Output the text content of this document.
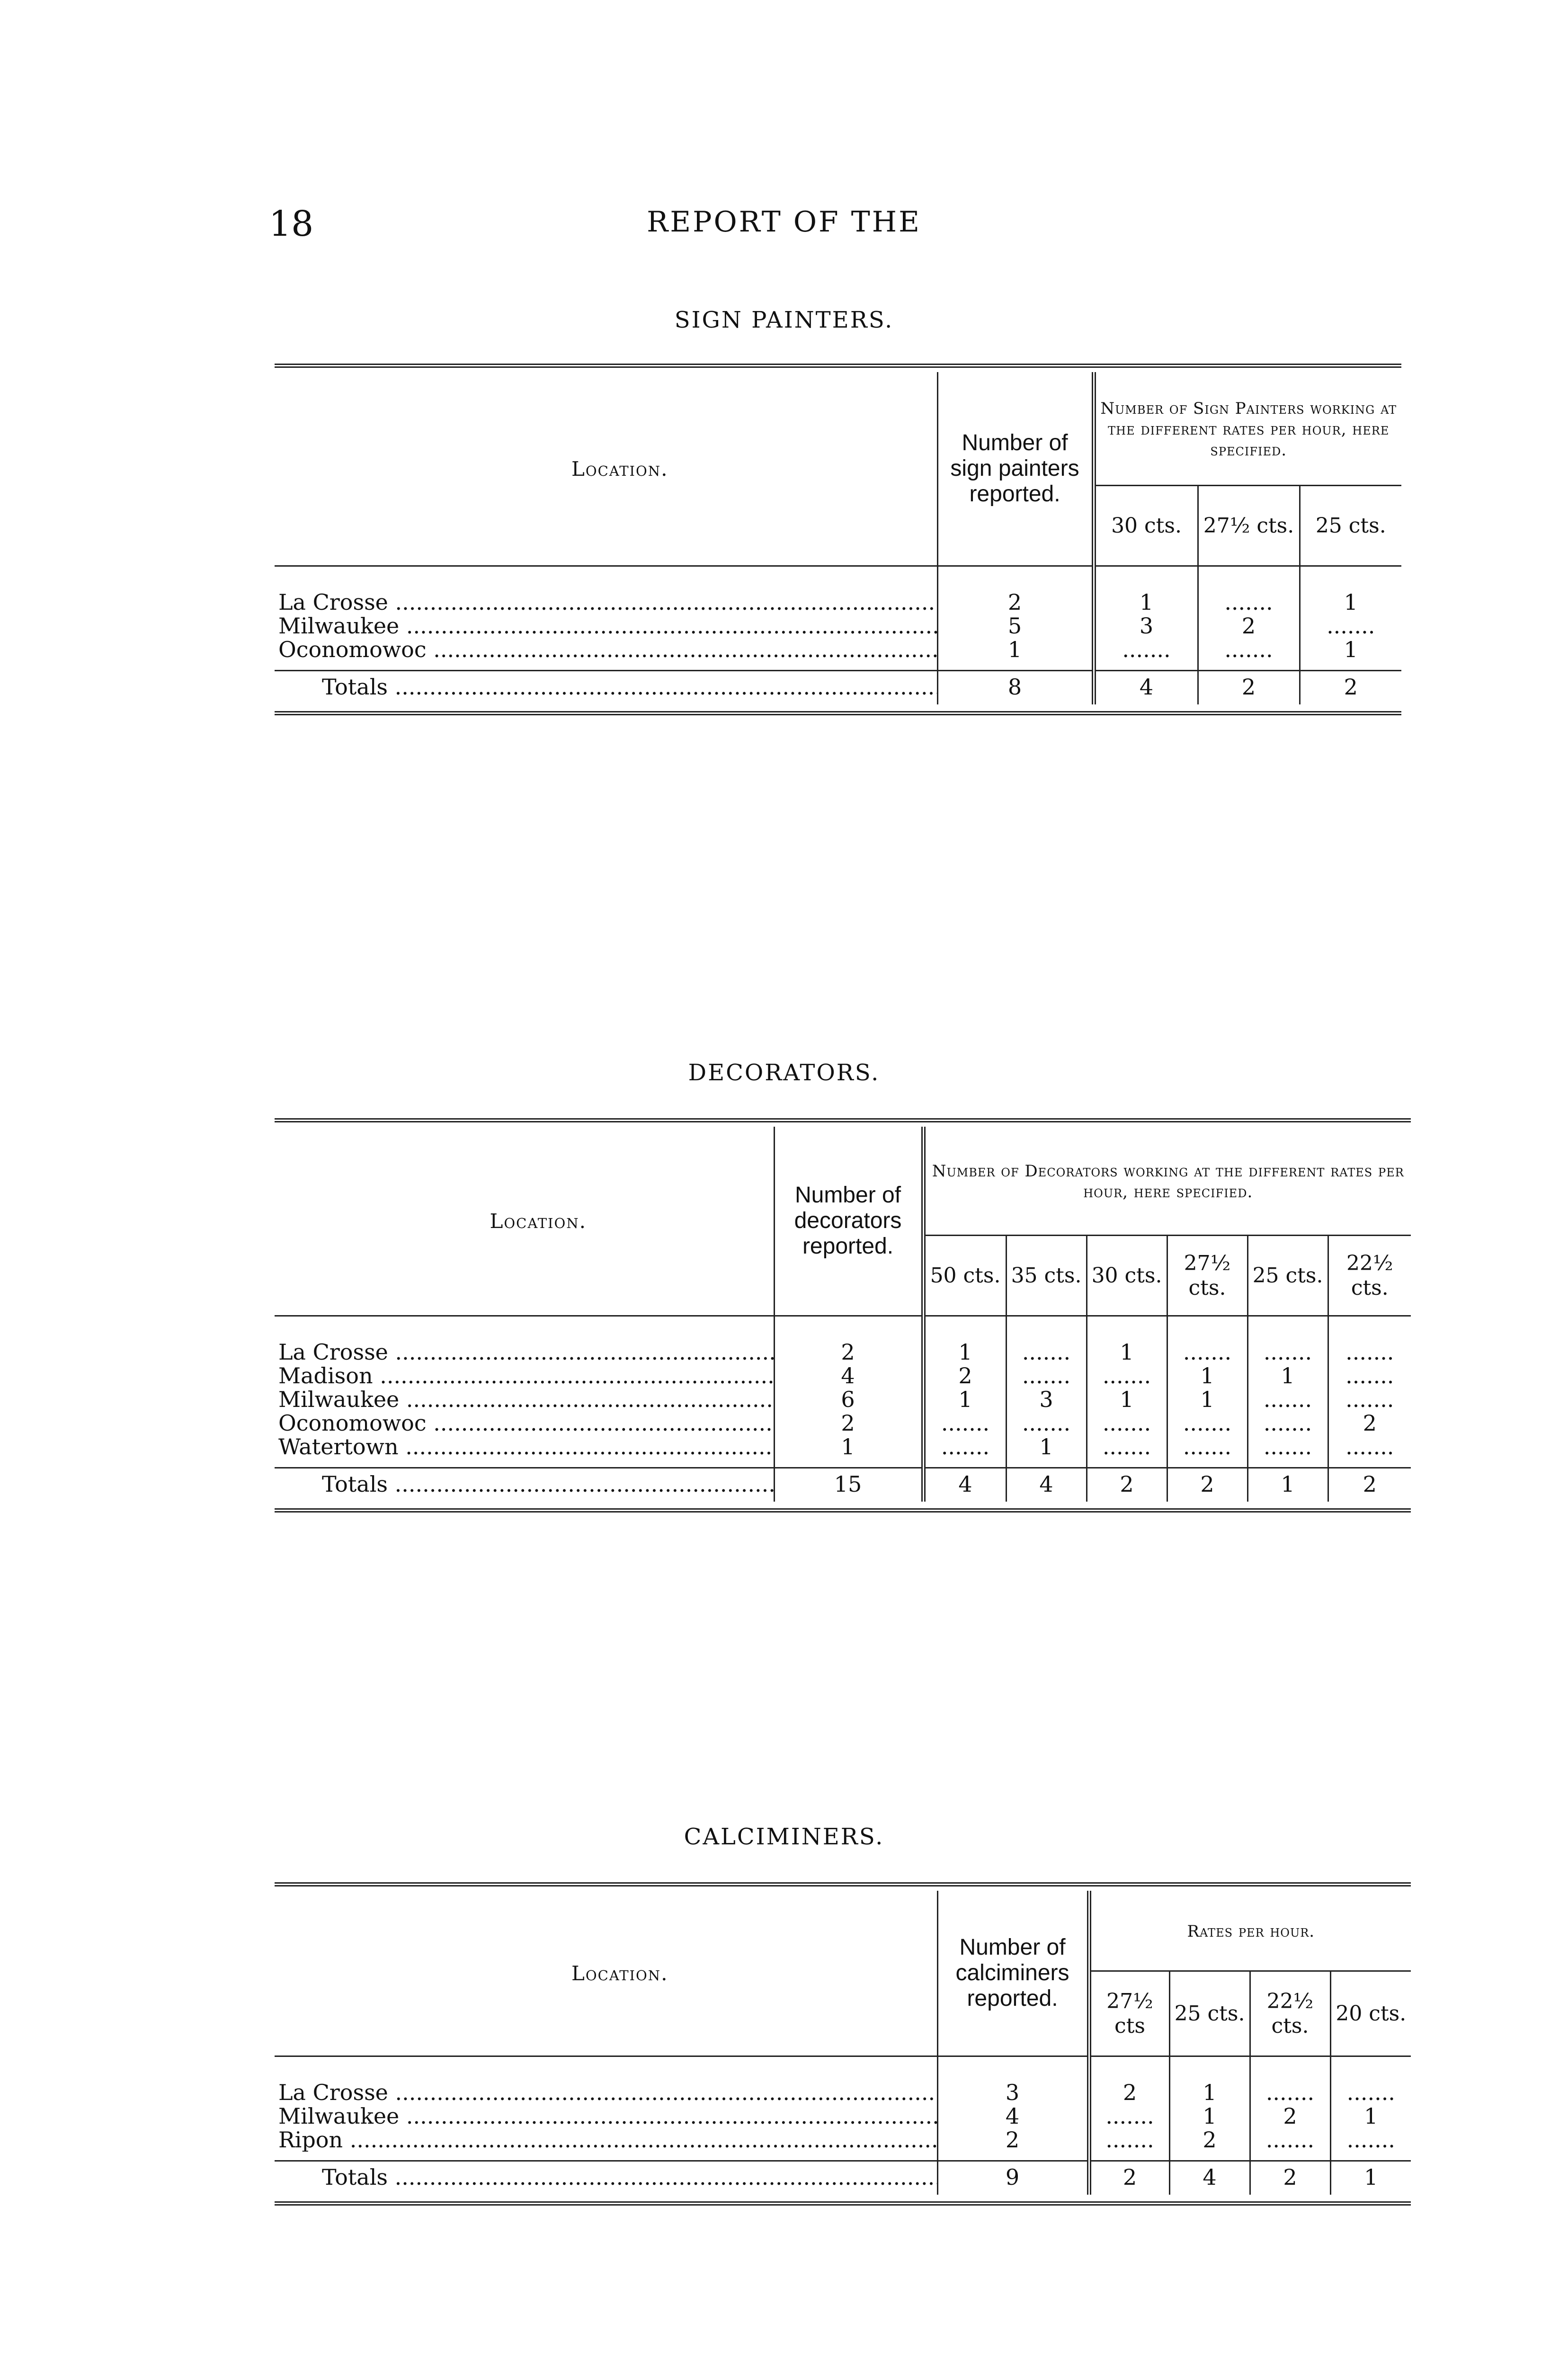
18	REPORT OF THE
SIGN PAINTERS.
Location.	Number of sign painters reported.	Number of Sign Painters working at the different rates per hour, here specified.		
		30 cts.	27½ cts.	25 cts.

La Crosse .....	2	1	.......	1
Milwaukee .....	5	3	2	.......
Oconomowoc .....	1	.......	.......	1

Totals .....	8	4	2	2

DECORATORS.
Location.	Number of decorators reported.	Number of Decorators working at the different rates per hour, here specified.					
		50 cts.	35 cts.	30 cts.	27½ cts.	25 cts.	22½ cts.

La Crosse .....	2	1	.......	1	.......	.......	.......
Madison .....	4	2	.......	.......	1	1	.......
Milwaukee .....	6	1	3	1	1	.......	.......
Oconomowoc .....	2	.......	.......	.......	.......	.......	2
Watertown .....	1	.......	1	.......	.......	.......	.......

Totals .....	15	4	4	2	2	1	2

CALCIMINERS.
Location.	Number of calciminers reported.	Rates per hour.			
		27½ cts	25 cts.	22½ cts.	20 cts.

La Crosse .....	3	2	1	.......	.......
Milwaukee .....	4	.......	1	2	1
Ripon .....	2	.......	2	.......	.......

Totals .....	9	2	4	2	1
